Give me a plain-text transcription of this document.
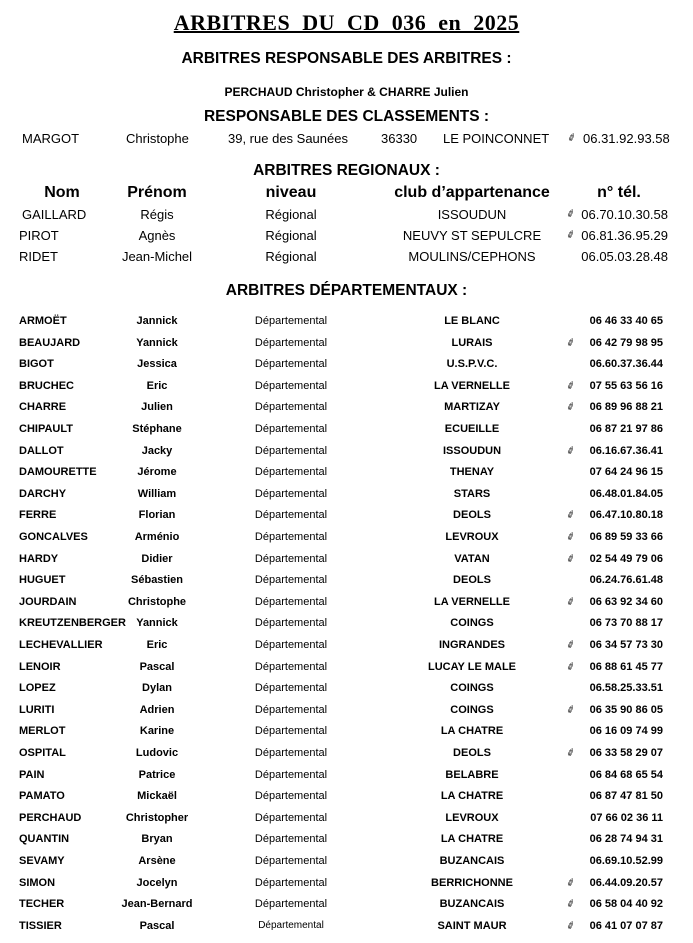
ARBITRES DU CD 036 en 2025
ARBITRES RESPONSABLE DES ARBITRES :
PERCHAUD Christopher & CHARRE Julien
RESPONSABLE DES CLASSEMENTS :
MARGOT	Christophe	39, rue des Saunées	36330 LE POINCONNET ✐ 06.31.92.93.58
ARBITRES REGIONAUX :
Nom	Prénom	niveau	club d’appartenance	n° tél.
GAILLARD	Régis	Régional	ISSOUDUN	✐ 06.70.10.30.58
PIROT	Agnès	Régional	NEUVY ST SEPULCRE ✐ 06.81.36.95.29
RIDET	Jean-Michel	Régional	MOULINS/CEPHONS	06.05.03.28.48
ARBITRES DÉPARTEMENTAUX :
ARMOËT	Jannick	Départemental	LE BLANC	06 46 33 40 65
BEAUJARD	Yannick	Départemental	LURAIS	✐ 06 42 79 98 95
BIGOT	Jessica	Départemental	U.S.P.V.C.	06.60.37.36.44
BRUCHEC	Eric	Départemental	LA VERNELLE	✐ 07 55 63 56 16
CHARRE	Julien	Départemental	MARTIZAY	✐ 06 89 96 88 21
CHIPAULT	Stéphane	Départemental	ECUEILLE	06 87 21 97 86
DALLOT	Jacky	Départemental	ISSOUDUN	✐ 06.16.67.36.41
DAMOURETTE	Jérome	Départemental	THENAY	07 64 24 96 15
DARCHY	William	Départemental	STARS	06.48.01.84.05
FERRE	Florian	Départemental	DEOLS	✐ 06.47.10.80.18
GONCALVES	Arménio	Départemental	LEVROUX	✐ 06 89 59 33 66
HARDY	Didier	Départemental	VATAN	✐ 02 54 49 79 06
HUGUET	Sébastien	Départemental	DEOLS	06.24.76.61.48
JOURDAIN	Christophe	Départemental	LA VERNELLE	✐ 06 63 92 34 60
KREUTZENBERGER Yannick	Départemental	COINGS	06 73 70 88 17
LECHEVALLIER	Eric	Départemental	INGRANDES	✐ 06 34 57 73 30
LENOIR	Pascal	Départemental	LUCAY LE MALE	✐ 06 88 61 45 77
LOPEZ	Dylan	Départemental	COINGS	06.58.25.33.51
LURITI	Adrien	Départemental	COINGS	✐ 06 35 90 86 05
MERLOT	Karine	Départemental	LA CHATRE	06 16 09 74 99
OSPITAL	Ludovic	Départemental	DEOLS	✐ 06 33 58 29 07
PAIN	Patrice	Départemental	BELABRE	06 84 68 65 54
PAMATO	Mickaël	Départemental	LA CHATRE	06 87 47 81 50
PERCHAUD	Christopher	Départemental	LEVROUX	07 66 02 36 11
QUANTIN	Bryan	Départemental	LA CHATRE	06 28 74 94 31
SEVAMY	Arsène	Départemental	BUZANCAIS	06.69.10.52.99
SIMON	Jocelyn	Départemental	BERRICHONNE	✐ 06.44.09.20.57
TECHER	Jean-Bernard	Départemental	BUZANCAIS	✐ 06 58 04 40 92
TISSIER	Pascal	Départemental	SAINT MAUR	✐ 06 41 07 07 87
